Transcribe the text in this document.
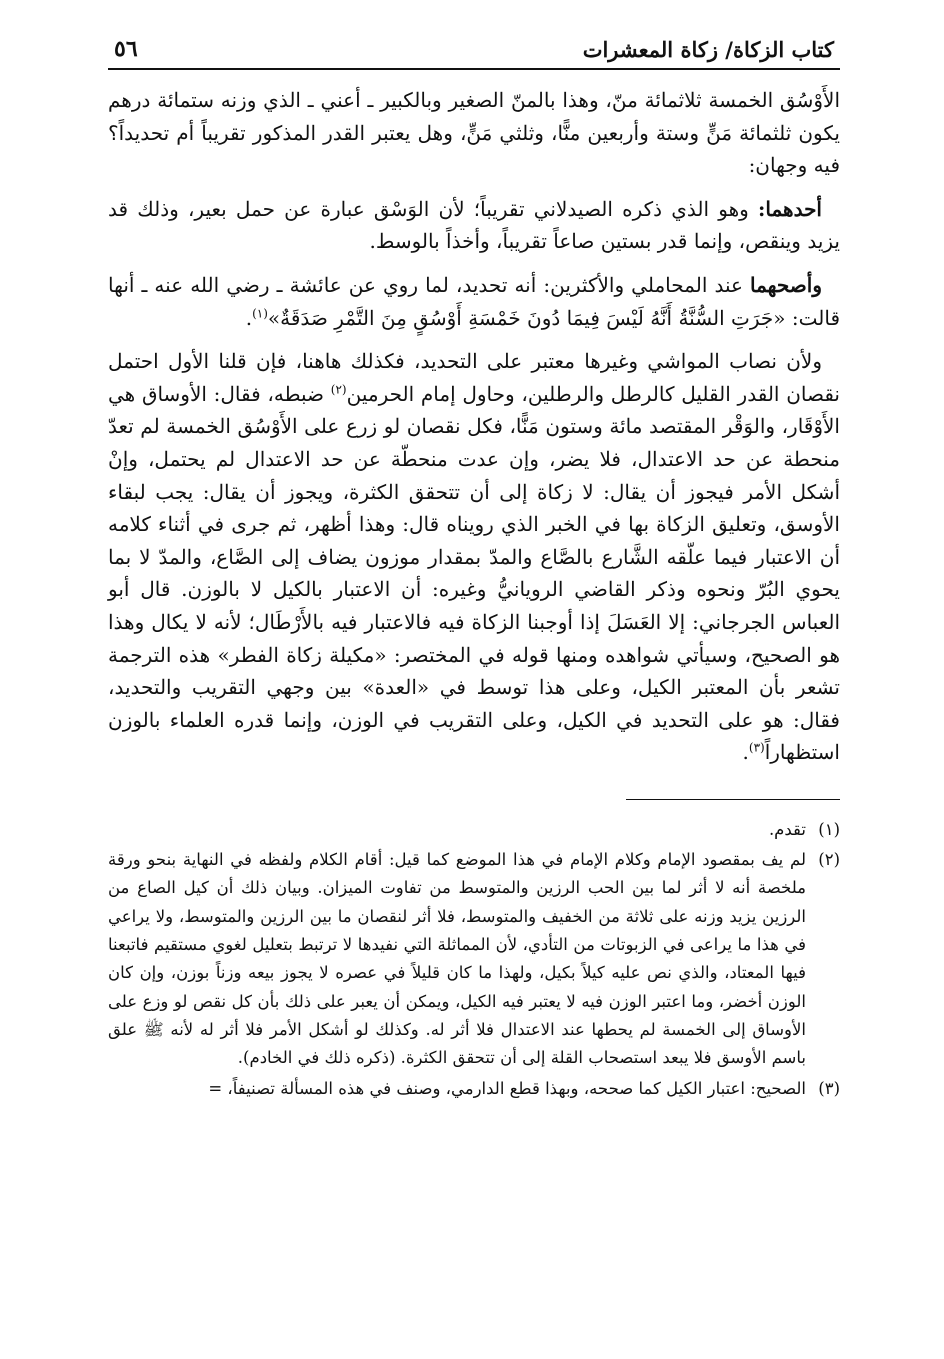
كتاب الزكاة/ زكاة المعشرات
٥٦

الأَوْسُق الخمسة ثلاثمائة منّ، وهذا بالمنّ الصغير وبالكبير ـ أعني ـ الذي وزنه ستمائة درهم يكون ثلثمائة مَنٍّ وستة وأربعين منًّا، وثلثي مَنٍّ، وهل يعتبر القدر المذكور تقريباً أم تحديداً؟ فيه وجهان:

أحدهما: وهو الذي ذكره الصيدلاني تقريباً؛ لأن الوَسْق عبارة عن حمل بعير، وذلك قد يزيد وينقص، وإنما قدر بستين صاعاً تقريباً، وأخذاً بالوسط.

وأصحهما عند المحاملي والأكثرين: أنه تحديد، لما روي عن عائشة ـ رضي الله عنه ـ أنها قالت: «جَرَتِ السُّنَّةُ أَنَّهُ لَيْسَ فِيمَا دُونَ خَمْسَةِ أَوْسُقٍ مِنَ التَّمْرِ صَدَقَةٌ»$^{(١)}$.

ولأن نصاب المواشي وغيرها معتبر على التحديد، فكذلك هاهنا، فإن قلنا الأول احتمل نقصان القدر القليل كالرطل والرطلين، وحاول إمام الحرمين$^{(٢)}$ ضبطه، فقال: الأوساق هي الأَوْقَار، والوَقْر المقتصد مائة وستون مَنًّا، فكل نقصان لو زرع على الأَوْسُق الخمسة لم تعدّ منحطة عن حد الاعتدال، فلا يضر، وإن عدت منحطّة عن حد الاعتدال لم يحتمل، وإنْ أشكل الأمر فيجوز أن يقال: لا زكاة إلى أن تتحقق الكثرة، ويجوز أن يقال: يجب لبقاء الأوسق، وتعليق الزكاة بها في الخبر الذي رويناه قال: وهذا أظهر، ثم جرى في أثناء كلامه أن الاعتبار فيما علّقه الشَّارع بالصَّاع والمدّ بمقدار موزون يضاف إلى الصَّاع، والمدّ لا بما يحوي البُرّ ونحوه وذكر القاضي الرويانيُّ وغيره: أن الاعتبار بالكيل لا بالوزن. قال أبو العباس الجرجاني: إلا العَسَلَ إذا أوجبنا الزكاة فيه فالاعتبار فيه بالأَرْطَال؛ لأنه لا يكال وهذا هو الصحيح، وسيأتي شواهده ومنها قوله في المختصر: «مكيلة زكاة الفطر» هذه الترجمة تشعر بأن المعتبر الكيل، وعلى هذا توسط في «العدة» بين وجهي التقريب والتحديد، فقال: هو على التحديد في الكيل، وعلى التقريب في الوزن، وإنما قدره العلماء بالوزن استظهاراً$^{(٣)}$.

(١)
تقدم.
(٢)
لم يف بمقصود الإمام وكلام الإمام في هذا الموضع كما قيل: أقام الكلام ولفظه في النهاية بنحو ورقة ملخصة أنه لا أثر لما بين الحب الرزين والمتوسط من تفاوت الميزان. وبيان ذلك أن كيل الصاع من الرزين يزيد وزنه على ثلاثة من الخفيف والمتوسط، فلا أثر لنقصان ما بين الرزين والمتوسط، ولا يراعي في هذا ما يراعى في الزبوتات من التأدي، لأن المماثلة التي نفيدها لا ترتبط بتعليل لغوي مستقيم فاتبعنا فيها المعتاد، والذي نص عليه كيلاً بكيل، ولهذا ما كان قليلاً في عصره لا يجوز بيعه وزناً بوزن، وإن كان الوزن أخضر، وما اعتبر الوزن فيه لا يعتبر فيه الكيل، ويمكن أن يعبر على ذلك بأن كل نقص لو وزع على الأوساق إلى الخمسة لم يحطها عند الاعتدال فلا أثر له. وكذلك لو أشكل الأمر فلا أثر له لأنه ﷺ علق باسم الأوسق فلا يبعد استصحاب القلة إلى أن تتحقق الكثرة. (ذكره ذلك في الخادم).
(٣)
الصحيح: اعتبار الكيل كما صححه، وبهذا قطع الدارمي، وصنف في هذه المسألة تصنيفاً، =
